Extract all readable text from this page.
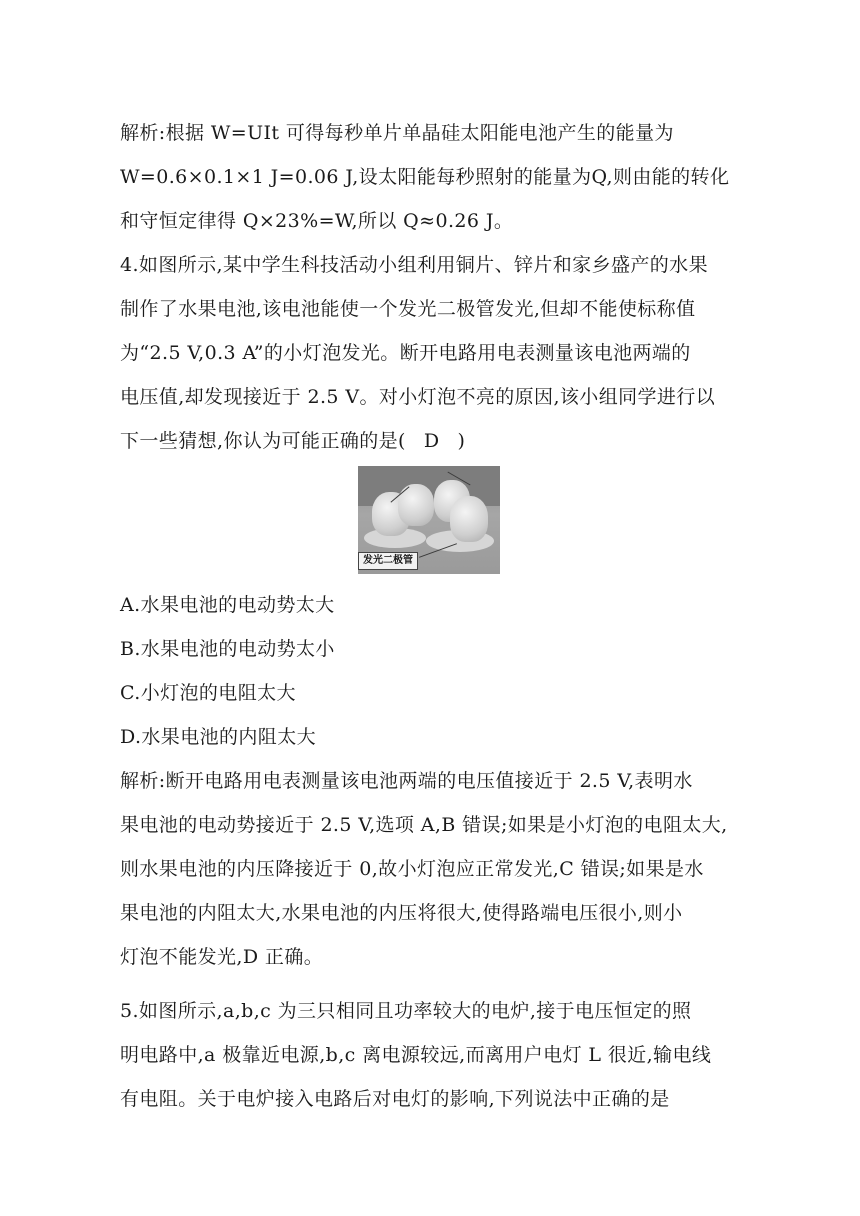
解析:根据 W=UIt 可得每秒单片单晶硅太阳能电池产生的能量为
W=0.6×0.1×1 J=0.06 J,设太阳能每秒照射的能量为Q,则由能的转化
和守恒定律得 Q×23%=W,所以 Q≈0.26 J。
4.如图所示,某中学生科技活动小组利用铜片、锌片和家乡盛产的水果
制作了水果电池,该电池能使一个发光二极管发光,但却不能使标称值
为“2.5 V,0.3 A”的小灯泡发光。断开电路用电表测量该电池两端的
电压值,却发现接近于 2.5 V。对小灯泡不亮的原因,该小组同学进行以
下一些猜想,你认为可能正确的是( D )
发光二极管
A.水果电池的电动势太大
B.水果电池的电动势太小
C.小灯泡的电阻太大
D.水果电池的内阻太大
解析:断开电路用电表测量该电池两端的电压值接近于 2.5 V,表明水
果电池的电动势接近于 2.5 V,选项 A,B 错误;如果是小灯泡的电阻太大,
则水果电池的内压降接近于 0,故小灯泡应正常发光,C 错误;如果是水
果电池的内阻太大,水果电池的内压将很大,使得路端电压很小,则小
灯泡不能发光,D 正确。
5.如图所示,a,b,c 为三只相同且功率较大的电炉,接于电压恒定的照
明电路中,a 极靠近电源,b,c 离电源较远,而离用户电灯 L 很近,输电线
有电阻。关于电炉接入电路后对电灯的影响,下列说法中正确的是
